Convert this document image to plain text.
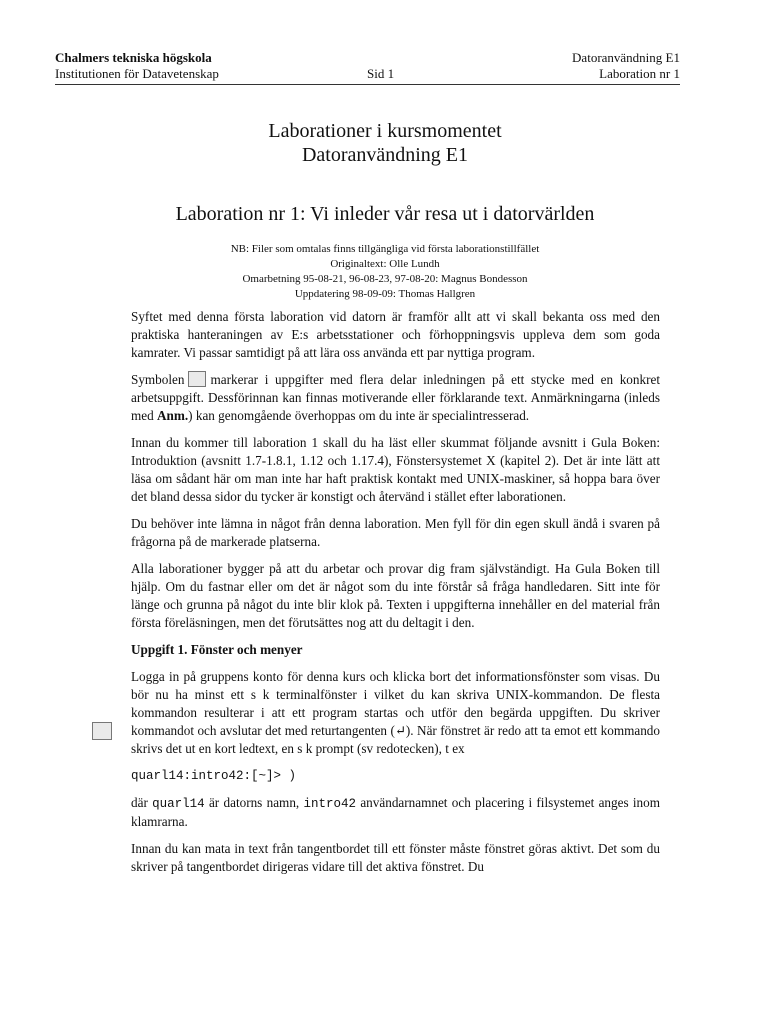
Chalmers tekniska högskola	Datoranvändning E1
Institutionen för Datavetenskap	Sid 1	Laboration nr 1
Laborationer i kursmomentet
Datoranvändning E1
Laboration nr 1: Vi inleder vår resa ut i datorvärlden
NB: Filer som omtalas finns tillgängliga vid första laborationstillfället
Originaltext: Olle Lundh
Omarbetning 95-08-21, 96-08-23, 97-08-20: Magnus Bondesson
Uppdatering 98-09-09: Thomas Hallgren

Syftet med denna första laboration vid datorn är framför allt att vi skall bekanta oss med den praktiska hanteraningen av E:s arbetsstationer och förhoppningsvis uppleva dem som goda kamrater. Vi passar samtidigt på att lära oss använda ett par nyttiga program.

Symbolen markerar i uppgifter med flera delar inledningen på ett stycke med en konkret arbetsuppgift. Dessförinnan kan finnas motiverande eller förklarande text. Anmärkningarna (inleds med Anm.) kan genomgående överhoppas om du inte är specialintresserad.

Innan du kommer till laboration 1 skall du ha läst eller skummat följande avsnitt i Gula Boken: Introduktion (avsnitt 1.7-1.8.1, 1.12 och 1.17.4), Fönstersystemet X (kapitel 2). Det är inte lätt att läsa om sådant här om man inte har haft praktisk kontakt med UNIX-maskiner, så hoppa bara över det bland dessa sidor du tycker är konstigt och återvänd i stället efter laborationen.

Du behöver inte lämna in något från denna laboration. Men fyll för din egen skull ändå i svaren på frågorna på de markerade platserna.

Alla laborationer bygger på att du arbetar och provar dig fram självständigt. Ha Gula Boken till hjälp. Om du fastnar eller om det är något som du inte förstår så fråga handledaren. Sitt inte för länge och grunna på något du inte blir klok på. Texten i uppgifterna innehåller en del material från första föreläsningen, men det förutsättes nog att du deltagit i den.

Uppgift 1. Fönster och menyer

Logga in på gruppens konto för denna kurs och klicka bort det informationsfönster som visas. Du bör nu ha minst ett s k terminalfönster i vilket du kan skriva UNIX-kommandon. De flesta kommandon resulterar i att ett program startas och utför den begärda uppgiften. Du skriver kommandot och avslutar det med returtangenten (↵). När fönstret är redo att ta emot ett kommando skrivs det ut en kort ledtext, en s k prompt (sv redotecken), t ex

quarl14:intro42:[~]> )

där quarl14 är datorns namn, intro42 användarnamnet och placering i filsystemet anges inom klamrarna.

Innan du kan mata in text från tangentbordet till ett fönster måste fönstret göras aktivt. Det som du skriver på tangentbordet dirigeras vidare till det aktiva fönstret. Du
